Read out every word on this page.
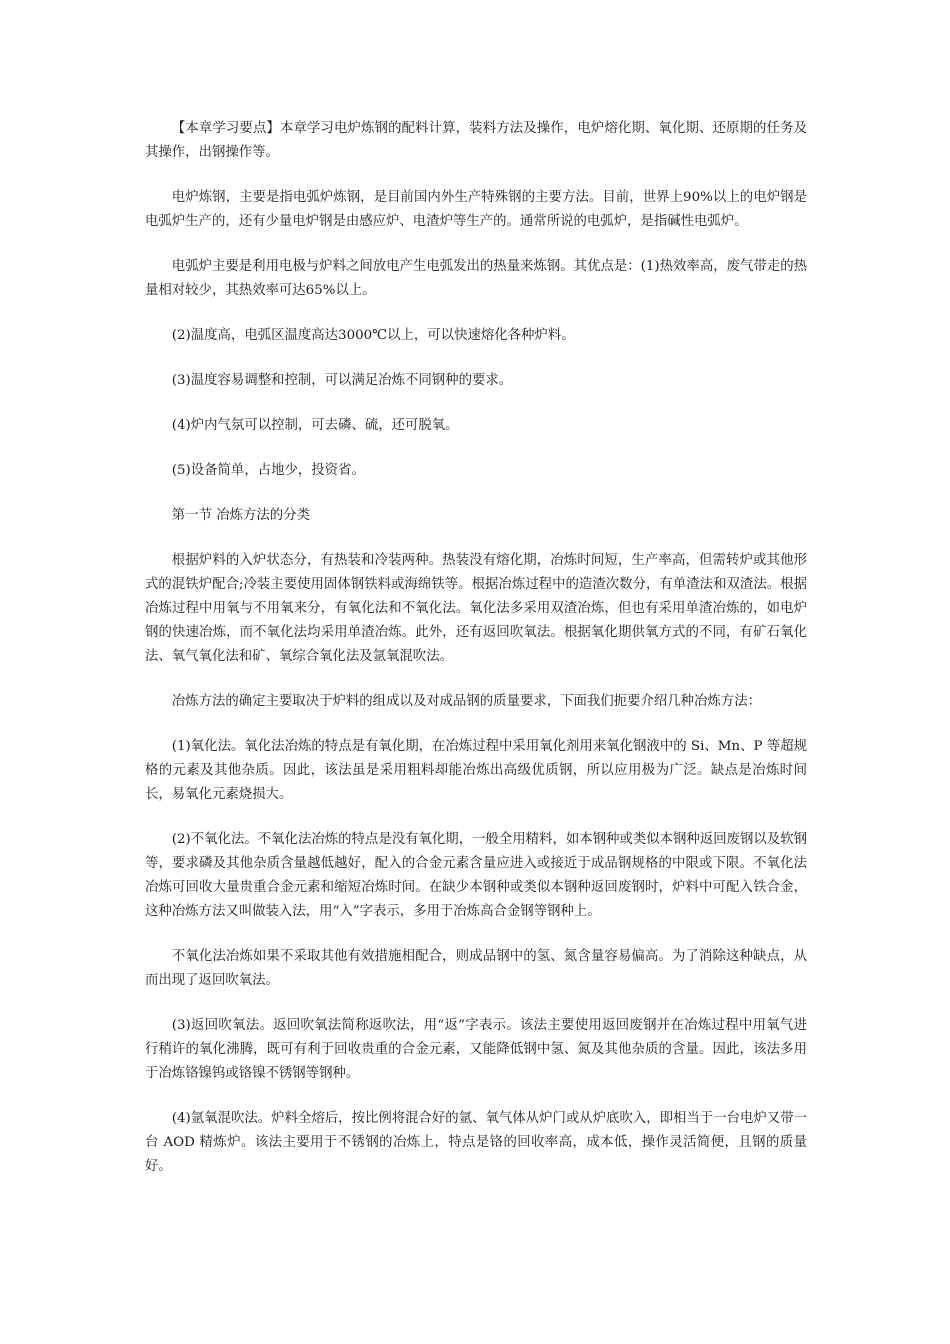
【本章学习要点】本章学习电炉炼钢的配料计算，装料方法及操作，电炉熔化期、氧化期、还原期的任务及其操作，出钢操作等。

电炉炼钢，主要是指电弧炉炼钢，是目前国内外生产特殊钢的主要方法。目前，世界上90%以上的电炉钢是电弧炉生产的，还有少量电炉钢是由感应炉、电渣炉等生产的。通常所说的电弧炉，是指碱性电弧炉。

电弧炉主要是利用电极与炉料之间放电产生电弧发出的热量来炼钢。其优点是：(1)热效率高，废气带走的热量相对较少，其热效率可达65%以上。

(2)温度高，电弧区温度高达3000℃以上，可以快速熔化各种炉料。

(3)温度容易调整和控制，可以满足冶炼不同钢种的要求。

(4)炉内气氛可以控制，可去磷、硫，还可脱氧。

(5)设备简单，占地少，投资省。

第一节 冶炼方法的分类

根据炉料的入炉状态分，有热装和冷装两种。热装没有熔化期，冶炼时间短，生产率高，但需转炉或其他形式的混铁炉配合;冷装主要使用固体钢铁料或海绵铁等。根据冶炼过程中的造渣次数分，有单渣法和双渣法。根据冶炼过程中用氧与不用氧来分，有氧化法和不氧化法。氧化法多采用双渣冶炼，但也有采用单渣冶炼的，如电炉钢的快速冶炼，而不氧化法均采用单渣冶炼。此外，还有返回吹氧法。根据氧化期供氧方式的不同，有矿石氧化法、氧气氧化法和矿、氧综合氧化法及氩氧混吹法。

冶炼方法的确定主要取决于炉料的组成以及对成品钢的质量要求，下面我们扼要介绍几种冶炼方法：

(1)氧化法。氧化法冶炼的特点是有氧化期，在冶炼过程中采用氧化剂用来氧化钢液中的 Si、Mn、P 等超规格的元素及其他杂质。因此，该法虽是采用粗料却能冶炼出高级优质钢，所以应用极为广泛。缺点是冶炼时间长，易氧化元素烧损大。

(2)不氧化法。不氧化法冶炼的特点是没有氧化期，一般全用精料，如本钢种或类似本钢种返回废钢以及软钢等，要求磷及其他杂质含量越低越好，配入的合金元素含量应进入或接近于成品钢规格的中限或下限。不氧化法冶炼可回收大量贵重合金元素和缩短冶炼时间。在缺少本钢种或类似本钢种返回废钢时，炉料中可配入铁合金，这种冶炼方法又叫做装入法，用“入”字表示，多用于冶炼高合金钢等钢种上。

不氧化法冶炼如果不采取其他有效措施相配合，则成品钢中的氢、氮含量容易偏高。为了消除这种缺点，从而出现了返回吹氧法。

(3)返回吹氧法。返回吹氧法简称返吹法，用“返”字表示。该法主要使用返回废钢并在冶炼过程中用氧气进行稍许的氧化沸腾，既可有利于回收贵重的合金元素，又能降低钢中氢、氮及其他杂质的含量。因此，该法多用于冶炼铬镍钨或铬镍不锈钢等钢种。

(4)氩氧混吹法。炉料全熔后，按比例将混合好的氩、氧气体从炉门或从炉底吹入，即相当于一台电炉又带一台 AOD 精炼炉。该法主要用于不锈钢的冶炼上，特点是铬的回收率高，成本低，操作灵活简便，且钢的质量好。
